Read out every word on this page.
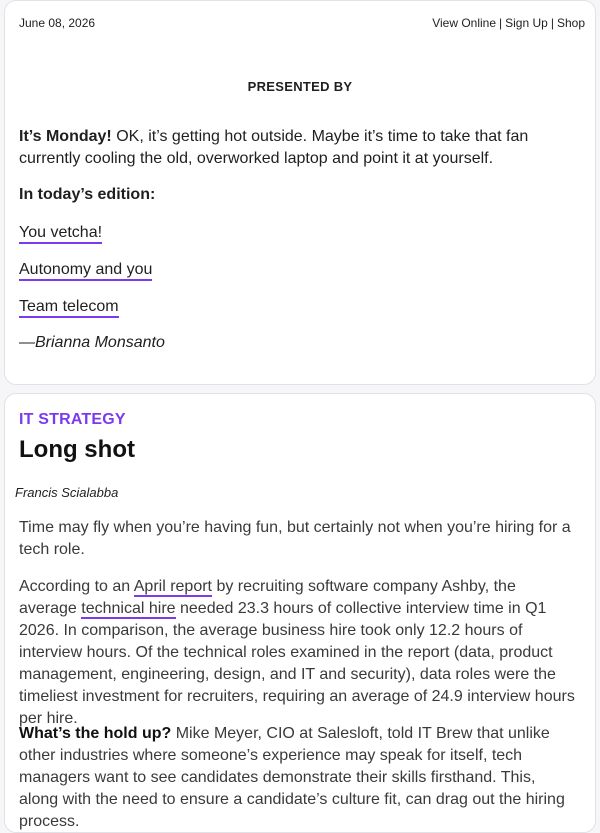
June 08, 2026	View Online | Sign Up | Shop
PRESENTED BY

It’s Monday! OK, it’s getting hot outside. Maybe it’s time to take that fan currently cooling the old, overworked laptop and point it at yourself.

In today’s edition:

You vetcha!
Autonomy and you
Team telecom

—Brianna Monsanto

IT STRATEGY

Long shot

Francis Scialabba

Time may fly when you’re having fun, but certainly not when you’re hiring for a tech role.

According to an April report by recruiting software company Ashby, the average technical hire needed 23.3 hours of collective interview time in Q1 2026. In comparison, the average business hire took only 12.2 hours of interview hours. Of the technical roles examined in the report (data, product management, engineering, design, and IT and security), data roles were the timeliest investment for recruiters, requiring an average of 24.9 interview hours per hire.

What’s the hold up? Mike Meyer, CIO at Salesloft, told IT Brew that unlike other industries where someone’s experience may speak for itself, tech managers want to see candidates demonstrate their skills firsthand. This, along with the need to ensure a candidate’s culture fit, can drag out the hiring process.
